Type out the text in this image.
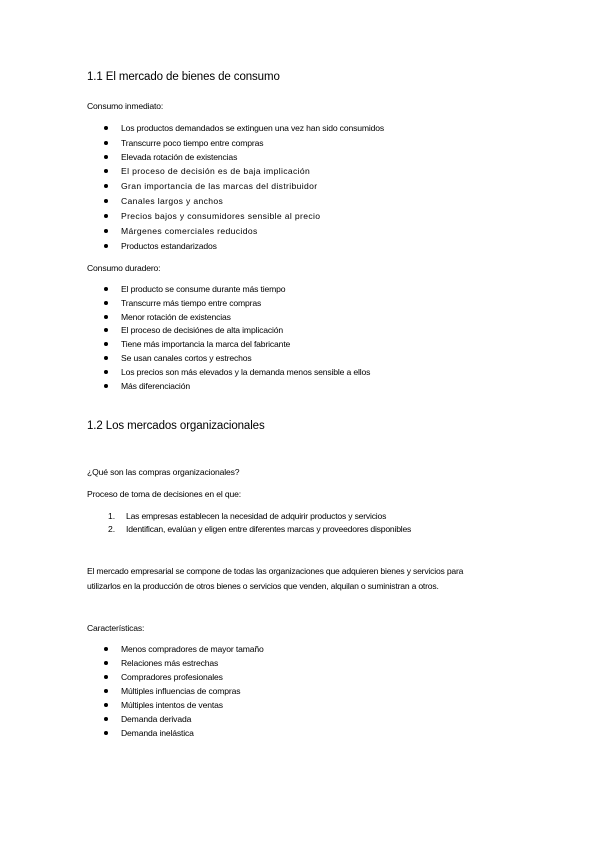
1.1 El mercado de bienes de consumo
Consumo inmediato:
Los productos demandados se extinguen una vez han sido consumidos
Transcurre poco tiempo entre compras
Elevada rotación de existencias
El proceso de decisión es de baja implicación
Gran importancia de las marcas del distribuidor
Canales largos y anchos
Precios bajos y consumidores sensible al precio
Márgenes comerciales reducidos
Productos estandarizados
Consumo duradero:
El producto se consume durante más tiempo
Transcurre más tiempo entre compras
Menor rotación de existencias
El proceso de decisiónes de alta implicación
Tiene más importancia la marca del fabricante
Se usan canales cortos y estrechos
Los precios son más elevados y la demanda menos sensible a ellos
Más diferenciación
1.2 Los mercados organizacionales
¿Qué son las compras organizacionales?
Proceso de toma de decisiones en el que:
1. Las empresas establecen la necesidad de adquirir productos y servicios
2. Identifican, evalúan y eligen entre diferentes marcas y proveedores disponibles
El mercado empresarial se compone de todas las organizaciones que adquieren bienes y servicios para
utilizarlos en la producción de otros bienes o servicios que venden, alquilan o suministran a otros.
Características:
Menos compradores de mayor tamaño
Relaciones más estrechas
Compradores profesionales
Múltiples influencias de compras
Múltiples intentos de ventas
Demanda derivada
Demanda inelástica
